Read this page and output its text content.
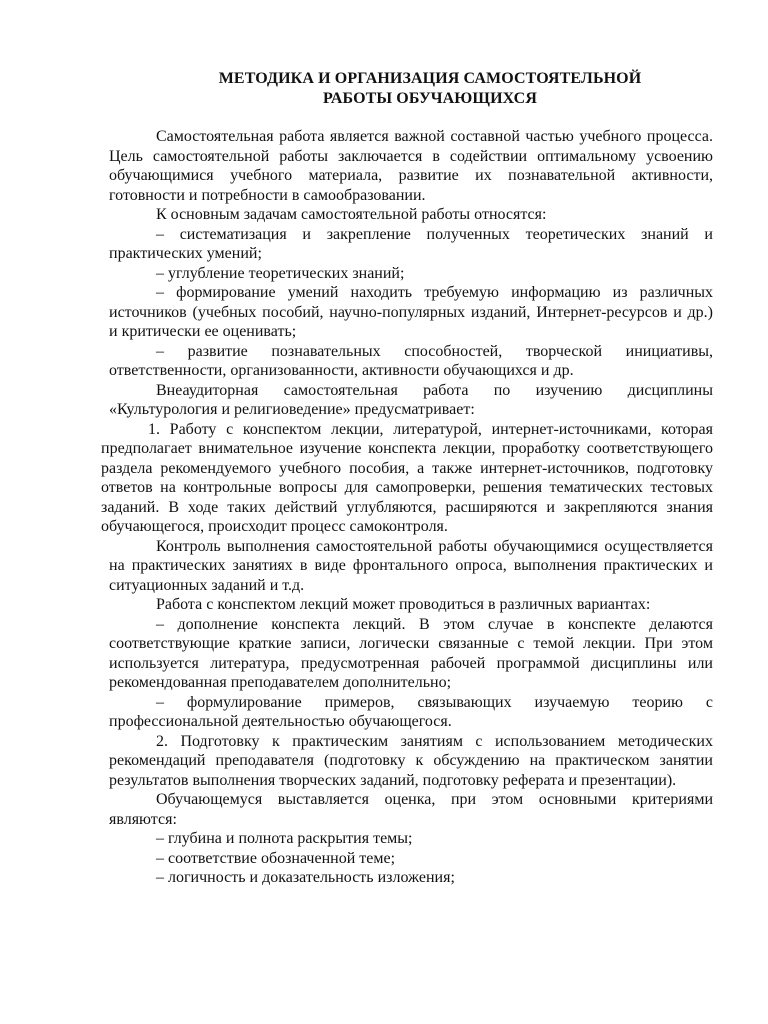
МЕТОДИКА И ОРГАНИЗАЦИЯ САМОСТОЯТЕЛЬНОЙ
РАБОТЫ ОБУЧАЮЩИХСЯ

Самостоятельная работа является важной составной частью учебного процесса. Цель самостоятельной работы заключается в содействии оптимальному усвоению обучающимися учебного материала, развитие их познавательной активности, готовности и потребности в самообразовании.

К основным задачам самостоятельной работы относятся:

– систематизация и закрепление полученных теоретических знаний и практических умений;

– углубление теоретических знаний;

– формирование умений находить требуемую информацию из различных источников (учебных пособий, научно-популярных изданий, Интернет-ресурсов и др.) и критически ее оценивать;

– развитие познавательных способностей, творческой инициативы, ответственности, организованности, активности обучающихся и др.

Внеаудиторная самостоятельная работа по изучению дисциплины «Культурология и религиоведение» предусматривает:

1. Работу с конспектом лекции, литературой, интернет-источниками, которая предполагает внимательное изучение конспекта лекции, проработку соответствующего раздела рекомендуемого учебного пособия, а также интернет-источников, подготовку ответов на контрольные вопросы для самопроверки, решения тематических тестовых заданий. В ходе таких действий углубляются, расширяются и закрепляются знания обучающегося, происходит процесс самоконтроля.

Контроль выполнения самостоятельной работы обучающимися осуществляется на практических занятиях в виде фронтального опроса, выполнения практических и ситуационных заданий и т.д.

Работа с конспектом лекций может проводиться в различных вариантах:

– дополнение конспекта лекций. В этом случае в конспекте делаются соответствующие краткие записи, логически связанные с темой лекции. При этом используется литература, предусмотренная рабочей программой дисциплины или рекомендованная преподавателем дополнительно;

– формулирование примеров, связывающих изучаемую теорию с профессиональной деятельностью обучающегося.

2. Подготовку к практическим занятиям с использованием методических рекомендаций преподавателя (подготовку к обсуждению на практическом занятии результатов выполнения творческих заданий, подготовку реферата и презентации).

Обучающемуся выставляется оценка, при этом основными критериями являются:

– глубина и полнота раскрытия темы;

– соответствие обозначенной теме;

– логичность и доказательность изложения;
